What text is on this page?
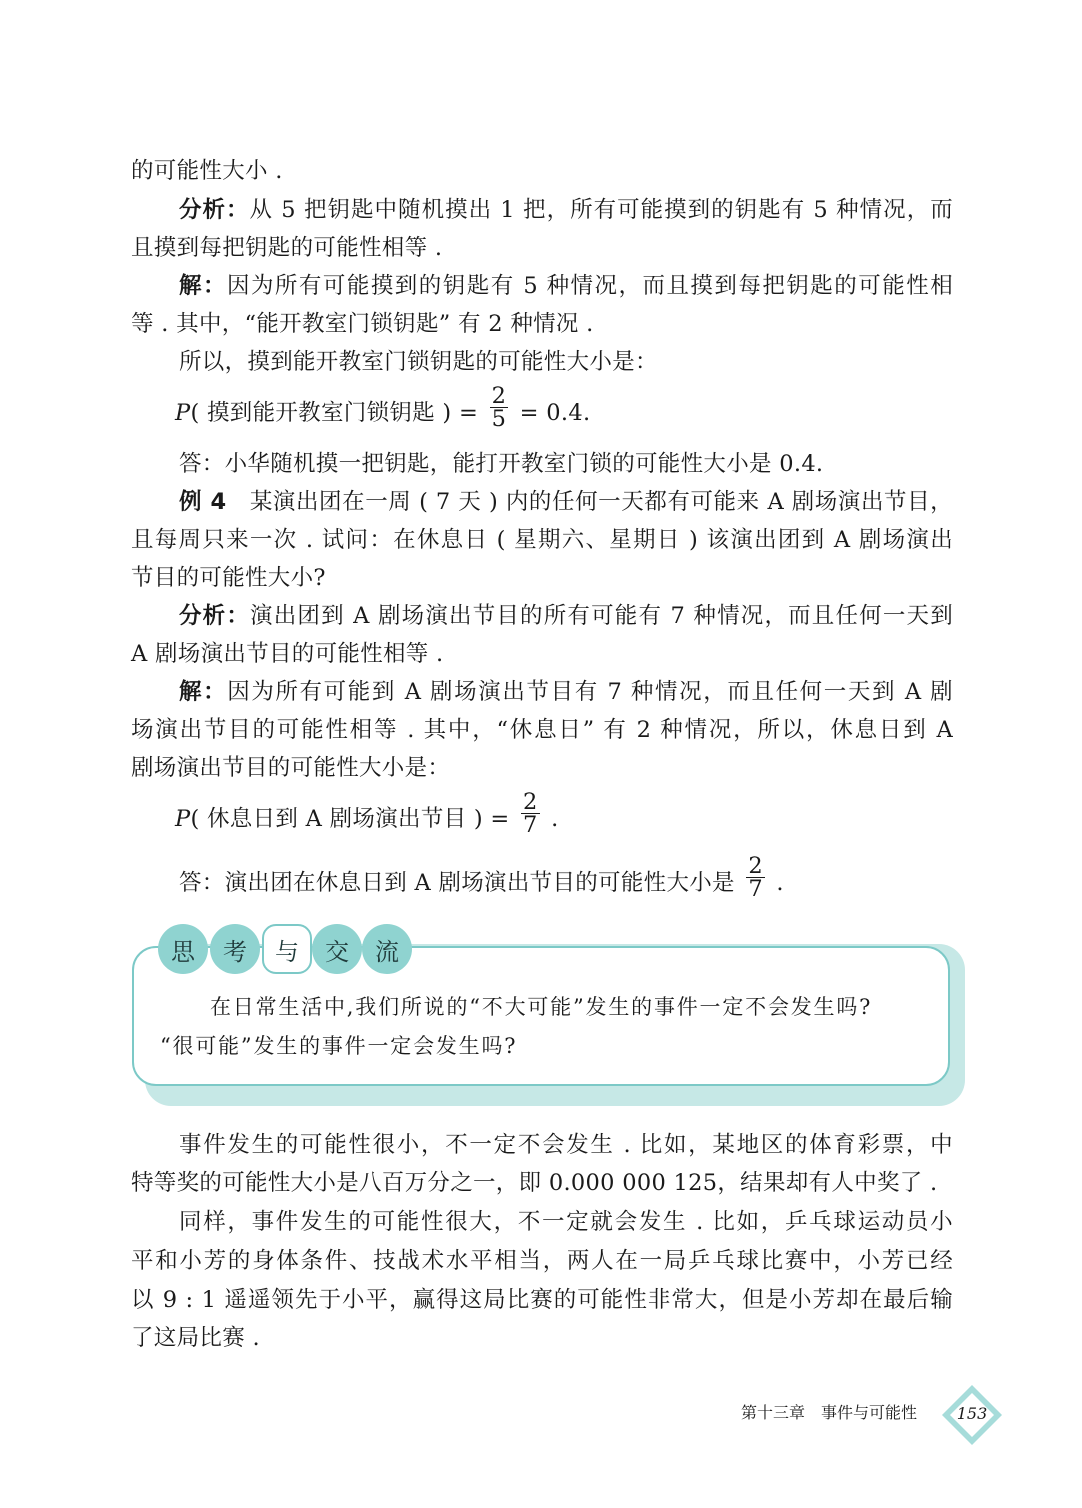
的可能性大小 .
分析：从 5 把钥匙中随机摸出 1 把，所有可能摸到的钥匙有 5 种情况，而
且摸到每把钥匙的可能性相等 .
解：因为所有可能摸到的钥匙有 5 种情况，而且摸到每把钥匙的可能性相
等 . 其中，“能开教室门锁钥匙” 有 2 种情况 .
所以，摸到能开教室门锁钥匙的可能性大小是：
P( 摸到能开教室门锁钥匙 ) = $\frac{2}{5} = 0.4$.
答：小华随机摸一把钥匙，能打开教室门锁的可能性大小是 0.4.
例 4　 某演出团在一周 ( 7 天 ) 内的任何一天都有可能来 A 剧场演出节目，
且每周只来一次 . 试问：在休息日 ( 星期六、星期日 ) 该演出团到 A 剧场演出
节目的可能性大小?
分析：演出团到 A 剧场演出节目的所有可能有 7 种情况，而且任何一天到
A 剧场演出节目的可能性相等 .
解：因为所有可能到 A 剧场演出节目有 7 种情况，而且任何一天到 A 剧
场演出节目的可能性相等 . 其中，“休息日” 有 2 种情况，所以，休息日到 A
剧场演出节目的可能性大小是：
P( 休息日到 A 剧场演出节目 ) = $\frac{2}{7}$ .
答：演出团在休息日到 A 剧场演出节目的可能性大小是 $\frac{2}{7}$ .
思	考	与	交	流
在日常生活中,我们所说的“不大可能”发生的事件一定不会发生吗?
“很可能”发生的事件一定会发生吗?
事件发生的可能性很小，不一定不会发生 . 比如，某地区的体育彩票，中
特等奖的可能性大小是八百万分之一，即 0.000 000 125，结果却有人中奖了 .
同样，事件发生的可能性很大，不一定就会发生 . 比如，乒乓球运动员小
平和小芳的身体条件、技战术水平相当，两人在一局乒乓球比赛中，小芳已经
以 9 : 1 遥遥领先于小平，赢得这局比赛的可能性非常大，但是小芳却在最后输
了这局比赛 .
第十三章　事件与可能性	153
